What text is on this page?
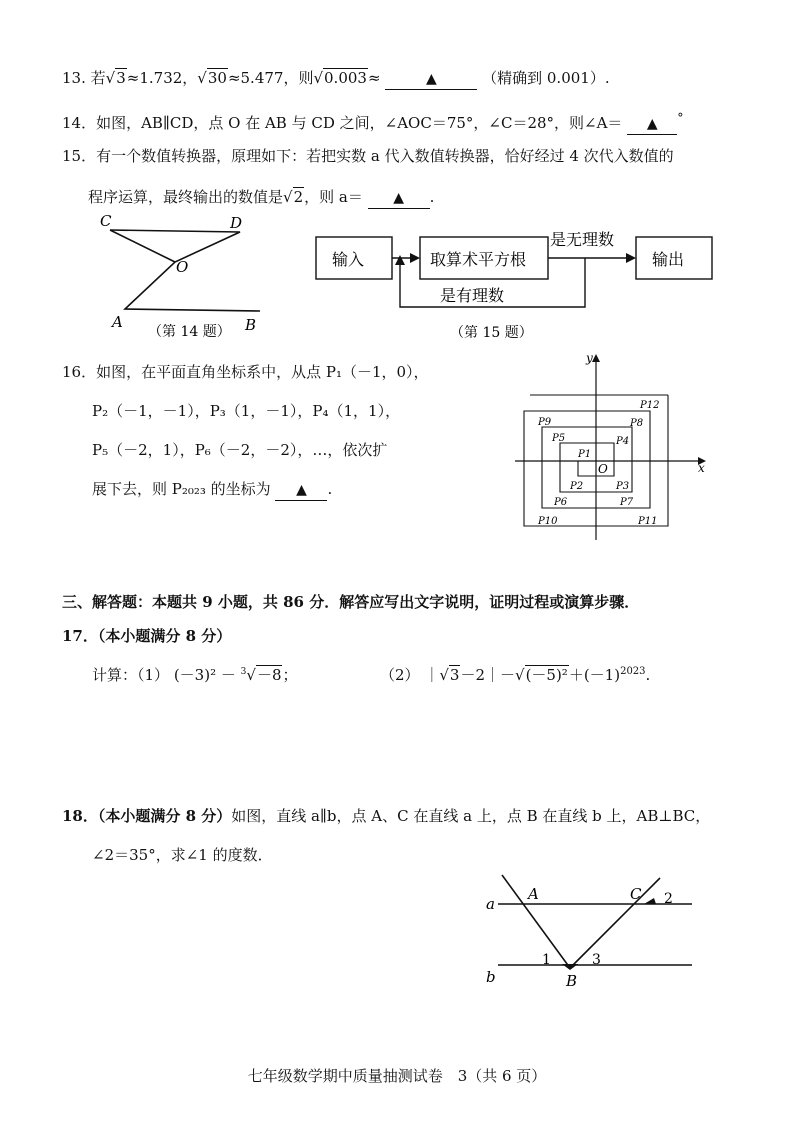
13. 若√3≈1.732，√30≈5.477，则√0.003≈	▲	（精确到 0.001）.
14．如图，AB∥CD，点 O 在 AB 与 CD 之间，∠AOC＝75°，∠C＝28°，则∠A＝ ▲ °
15．有一个数值转换器，原理如下：若把实数 a 代入数值转换器，恰好经过 4 次代入数值的
程序运算，最终输出的数值是√2，则 a＝ ▲ .
C	D
O
A	B
（第 14 题）
输入	取算术平方根
是无理数
输出
是有理数
（第 15 题）
16．如图，在平面直角坐标系中，从点 P₁（－1，0），
P₂（－1，－1），P₃（1，－1），P₄（1，1），
P₅（－2，1），P₆（－2，－2），…，依次扩
展下去，则 P₂₀₂₃ 的坐标为 ▲ .
x
y
O
P1
P2	P3
P4
P5
P6	P7
P8
P9
P10	P11
P12
三、解答题：本题共 9 小题，共 86 分．解答应写出文字说明，证明过程或演算步骤．
17．（本小题满分 8 分）
计算：（1） (－3)² － $^3$√－8；	（2） $|√3-2|-√(-5)^2+(-1)^{2023}$.
18．（本小题满分 8 分）如图，直线 a∥b，点 A、C 在直线 a 上，点 B 在直线 b 上，AB⊥BC，
∠2＝35°，求∠1 的度数．
a
b
A	C
B
1
2
3
七年级数学期中质量抽测试卷　3（共 6 页）
